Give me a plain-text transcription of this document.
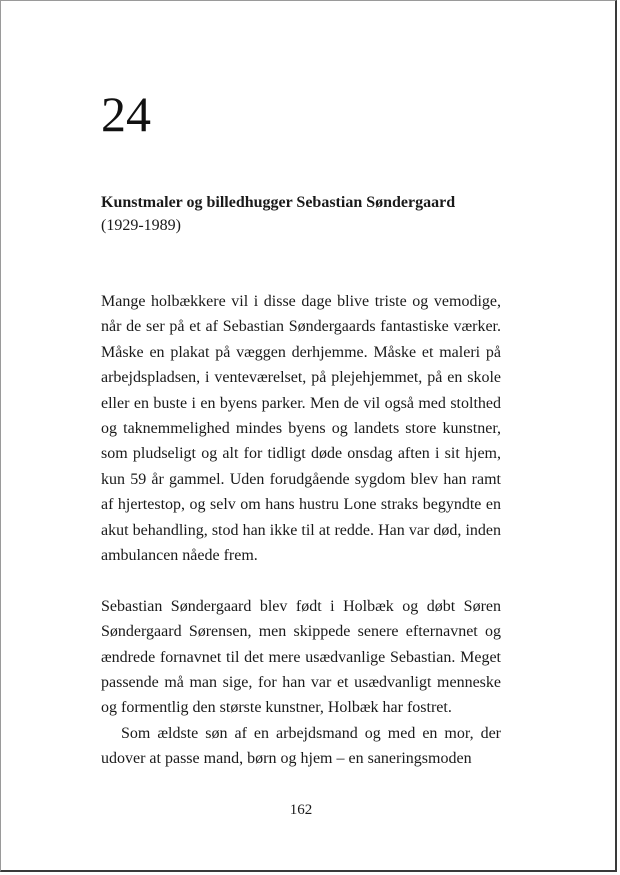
24
Kunstmaler og billedhugger Sebastian Søndergaard
(1929-1989)

Mange holbækkere vil i disse dage blive triste og vemodige, når de ser på et af Sebastian Søndergaards fantastiske værker. Måske en plakat på væggen derhjemme. Måske et maleri på arbejdspladsen, i venteværelset, på plejehjemmet, på en skole eller en buste i en byens parker. Men de vil også med stolthed og taknemmelighed mindes byens og landets store kunstner, som pludseligt og alt for tidligt døde onsdag aften i sit hjem, kun 59 år gammel. Uden forudgående sygdom blev han ramt af hjertestop, og selv om hans hustru Lone straks begyndte en akut behandling, stod han ikke til at redde. Han var død, inden ambulancen nåede frem.

Sebastian Søndergaard blev født i Holbæk og døbt Søren Søndergaard Sørensen, men skippede senere efternavnet og ændrede fornavnet til det mere usædvanlige Sebastian. Meget passende må man sige, for han var et usædvanligt menneske og formentlig den største kunstner, Holbæk har fostret.

Som ældste søn af en arbejdsmand og med en mor, der udover at passe mand, børn og hjem – en saneringsmoden

162
